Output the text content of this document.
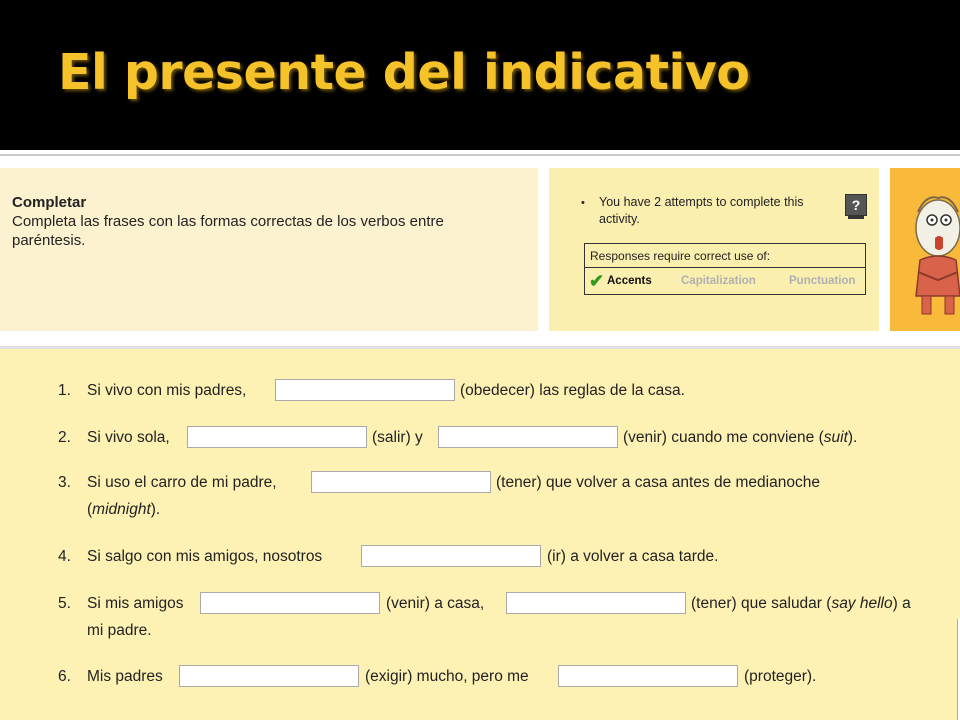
El presente del indicativo
Completar
Completa las frases con las formas correctas de los verbos entre paréntesis.
• You have 2 attempts to complete this activity.
?
Responses require correct use of:
✔ Accents	Capitalization	Punctuation
1. Si vivo con mis padres,	(obedecer) las reglas de la casa.
2. Si vivo sola,	(salir) y	(venir) cuando me conviene (suit).
3. Si uso el carro de mi padre,	(tener) que volver a casa antes de medianoche
(midnight).
4. Si salgo con mis amigos, nosotros	(ir) a volver a casa tarde.
5. Si mis amigos	(venir) a casa,	(tener) que saludar (say hello) a
mi padre.
6. Mis padres	(exigir) mucho, pero me	(proteger).
